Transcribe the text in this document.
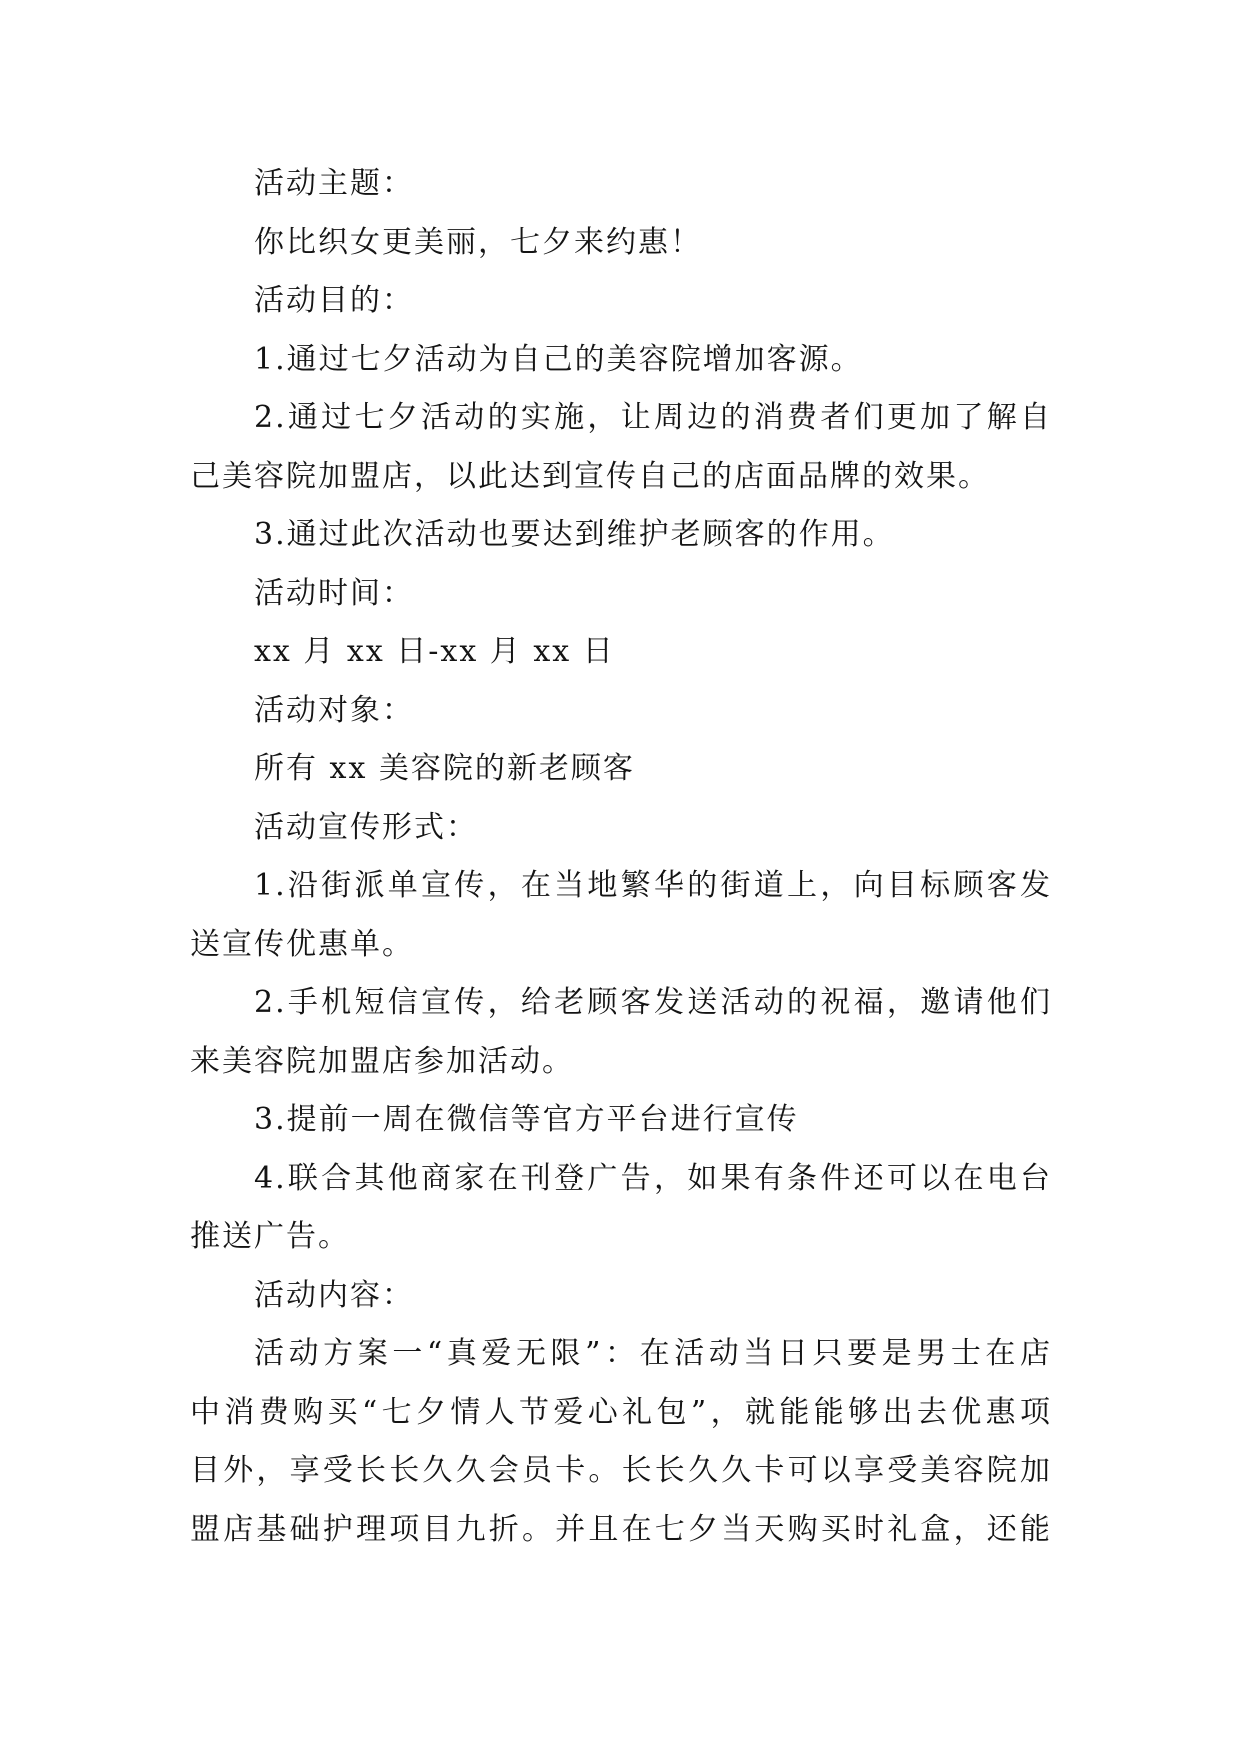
活动主题：

你比织女更美丽，七夕来约惠！

活动目的：

1.通过七夕活动为自己的美容院增加客源。

2.通过七夕活动的实施，让周边的消费者们更加了解自
己美容院加盟店，以此达到宣传自己的店面品牌的效果。

3.通过此次活动也要达到维护老顾客的作用。

活动时间：

xx 月 xx 日-xx 月 xx 日

活动对象：

所有 xx 美容院的新老顾客

活动宣传形式：

1.沿街派单宣传，在当地繁华的街道上，向目标顾客发
送宣传优惠单。

2.手机短信宣传，给老顾客发送活动的祝福，邀请他们
来美容院加盟店参加活动。

3.提前一周在微信等官方平台进行宣传

4.联合其他商家在刊登广告，如果有条件还可以在电台
推送广告。

活动内容：

活动方案一“真爱无限”：在活动当日只要是男士在店
中消费购买“七夕情人节爱心礼包”，就能能够出去优惠项
目外，享受长长久久会员卡。长长久久卡可以享受美容院加
盟店基础护理项目九折。并且在七夕当天购买时礼盒，还能
